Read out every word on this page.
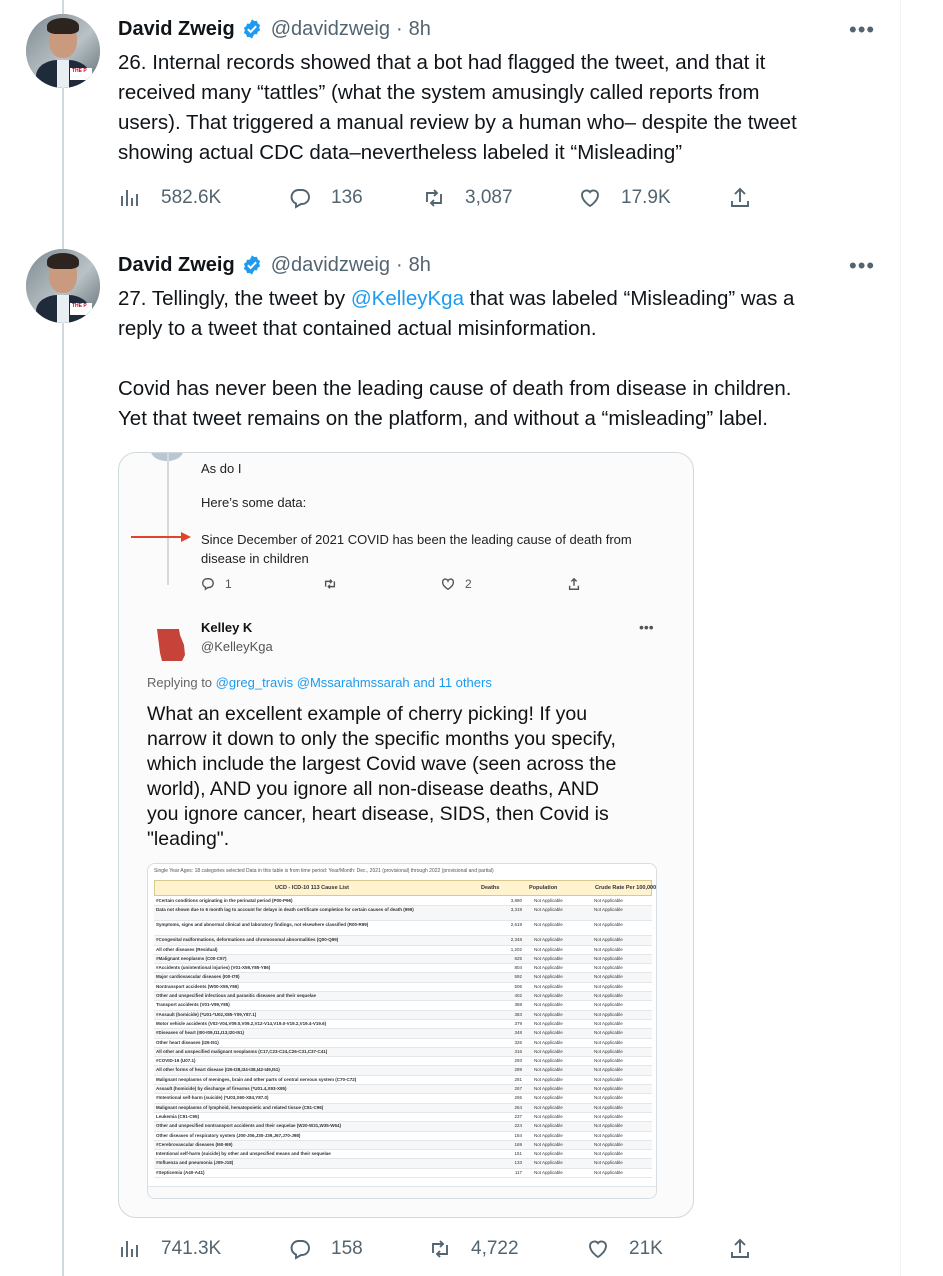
THE P
David Zweig @davidzweig · 8h	•••

26. Internal records showed that a bot had flagged the tweet, and that it

received many “tattles” (what the system amusingly called reports from

users). That triggered a manual review by a human who– despite the tweet

showing actual CDC data–nevertheless labeled it “Misleading”

582.6K	136	3,087	17.9K
THE P
David Zweig @davidzweig · 8h	•••

27. Tellingly, the tweet by @KelleyKga that was labeled “Misleading” was a

reply to a tweet that contained actual misinformation.

Covid has never been the leading cause of death from disease in children.

Yet that tweet remains on the platform, and without a “misleading” label.

As do I
Here’s some data:
Since December of 2021 COVID has been the leading cause of death from
disease in children
1	2
Kelley K
@KelleyKga
•••
Replying to @greg_travis @Mssarahmssarah and 11 others

What an excellent example of cherry picking! If you

narrow it down to only the specific months you specify,

which include the largest Covid wave (seen across the

world), AND you ignore all non-disease deaths, AND

you ignore cancer, heart disease, SIDS, then Covid is

"leading".

Single Year Ages: 18 categories selected Data in this table is from time period: Year/Month: Dec., 2021 (provisional) through 2022 (provisional and partial)
UCD - ICD-10 113 Cause List	Deaths	Population	Crude Rate Per 100,000
#Certain conditions originating in the perinatal period (P00-P96)	3,880	Not Applicable	Not Applicable
Data not shown due to 6 month lag to account for delays in death certificate completion for certain causes of death (999)	3,319	Not Applicable	Not Applicable
Symptoms, signs and abnormal clinical and laboratory findings, not elsewhere classified (R00-R99)	2,619	Not Applicable	Not Applicable
#Congenital malformations, deformations and chromosomal abnormalities (Q00-Q99)	2,348	Not Applicable	Not Applicable
All other diseases (Residual)	1,202	Not Applicable	Not Applicable
#Malignant neoplasms (C00-C97)	825	Not Applicable	Not Applicable
#Accidents (unintentional injuries) (V01-X59,Y85-Y86)	804	Not Applicable	Not Applicable
Major cardiovascular diseases (I00-I78)	592	Not Applicable	Not Applicable
Nontransport accidents (W00-X59,Y86)	506	Not Applicable	Not Applicable
Other and unspecified infectious and parasitic diseases and their sequelae	402	Not Applicable	Not Applicable
Transport accidents (V01-V99,Y85)	388	Not Applicable	Not Applicable
#Assault (homicide) (*U01-*U02,X85-Y09,Y87.1)	383	Not Applicable	Not Applicable
Motor vehicle accidents (V02-V04,V09.0,V09.2,V12-V14,V19.0-V19.2,V19.4-V19.6)	379	Not Applicable	Not Applicable
#Diseases of heart (I00-I09,I11,I13,I20-I51)	348	Not Applicable	Not Applicable
Other heart diseases (I26-I51)	326	Not Applicable	Not Applicable
All other and unspecified malignant neoplasms (C17,C23-C24,C26-C31,C37-C41)	316	Not Applicable	Not Applicable
#COVID-19 (U07.1)	293	Not Applicable	Not Applicable
All other forms of heart disease (I26-I28,I34-I38,I42-I49,I51)	289	Not Applicable	Not Applicable
Malignant neoplasms of meninges, brain and other parts of central nervous system (C70-C72)	281	Not Applicable	Not Applicable
Assault (homicide) by discharge of firearms (*U01.4,X93-X95)	267	Not Applicable	Not Applicable
#Intentional self-harm (suicide) (*U03,X60-X84,Y87.0)	265	Not Applicable	Not Applicable
Malignant neoplasms of lymphoid, hematopoietic and related tissue (C81-C96)	264	Not Applicable	Not Applicable
Leukemia (C91-C95)	237	Not Applicable	Not Applicable
Other and unspecified nontransport accidents and their sequelae (W20-W31,W35-W64)	224	Not Applicable	Not Applicable
Other diseases of respiratory system (J00-J06,J30-J39,J67,J70-J98)	184	Not Applicable	Not Applicable
#Cerebrovascular diseases (I60-I69)	169	Not Applicable	Not Applicable
Intentional self-harm (suicide) by other and unspecified means and their sequelae	151	Not Applicable	Not Applicable
#Influenza and pneumonia (J09-J18)	133	Not Applicable	Not Applicable
#Septicemia (A40-A41)	117	Not Applicable	Not Applicable
741.3K	158	4,722	21K
